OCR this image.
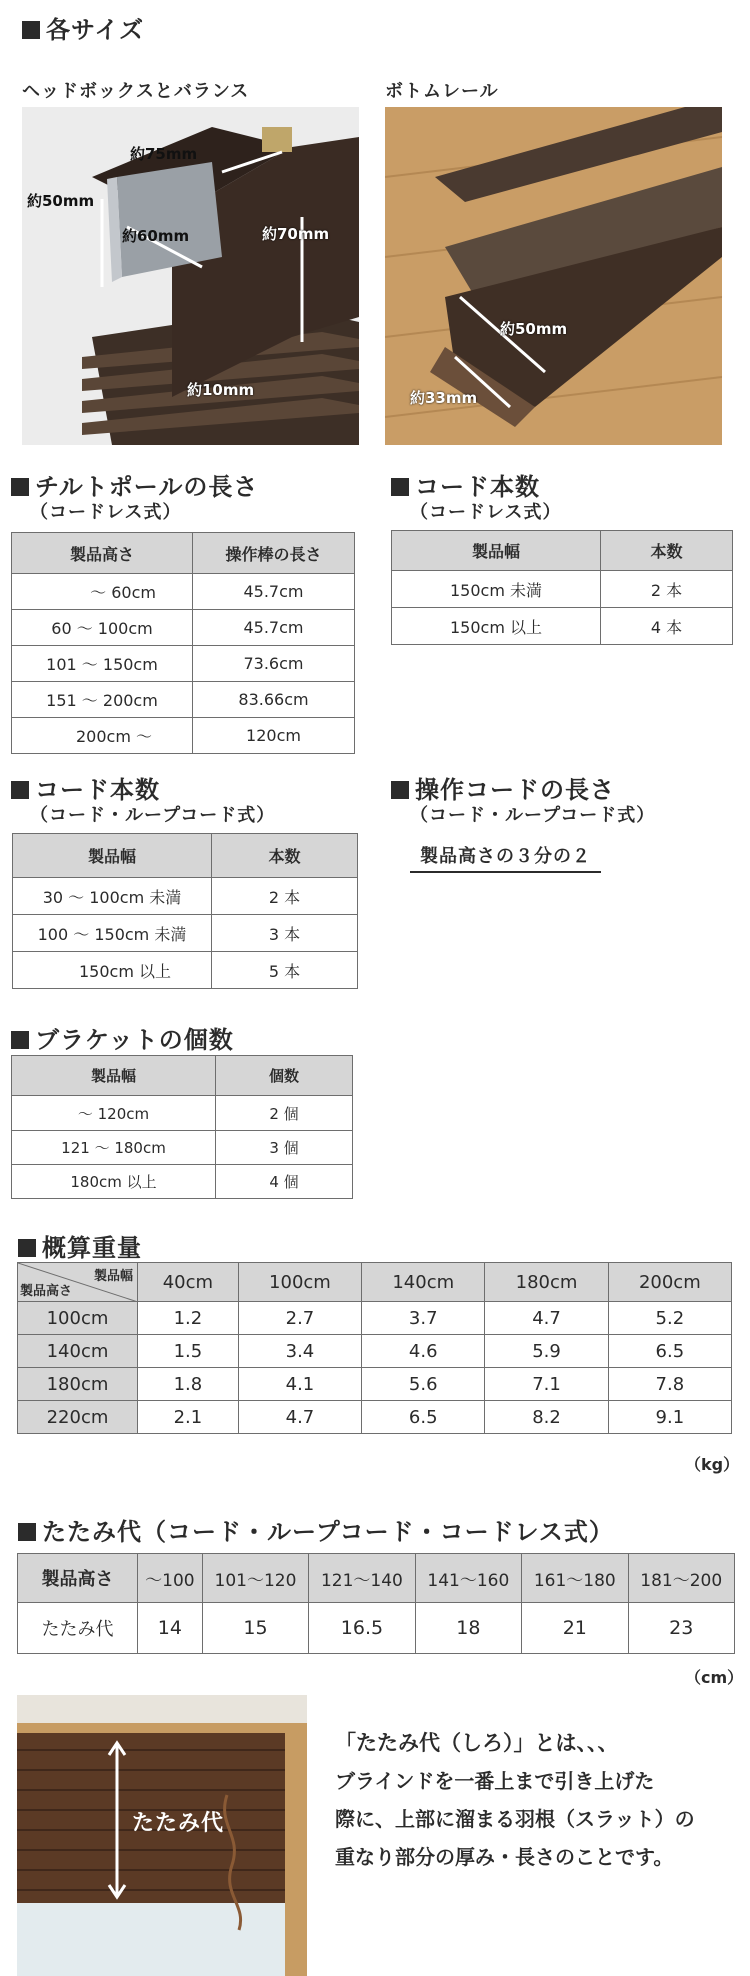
各サイズ
ヘッドボックスとバランス	ボトムレール
約75mm
約50mm
約60mm	約70mm
約10mm
約50mm
約33mm
チルトポールの長さ
（コードレス式）
製品高さ	操作棒の長さ
～ 60cm	45.7cm
60 ～ 100cm	45.7cm
101 ～ 150cm	73.6cm
151 ～ 200cm	83.66cm
200cm ～	120cm
コード本数
（コードレス式）
製品幅	本数
150cm 未満	2 本
150cm 以上	4 本
コード本数
（コード・ループコード式）
製品幅	本数
30 ～ 100cm 未満	2 本
100 ～ 150cm 未満	3 本
150cm 以上	5 本
操作コードの長さ
（コード・ループコード式）
製品高さの３分の２
ブラケットの個数
製品幅	個数
～ 120cm	2 個
121 ～ 180cm	3 個
180cm 以上	4 個
概算重量
製品幅
製品高さ	40cm	100cm	140cm	180cm	200cm
100cm	1.2	2.7	3.7	4.7	5.2
140cm	1.5	3.4	4.6	5.9	6.5
180cm	1.8	4.1	5.6	7.1	7.8
220cm	2.1	4.7	6.5	8.2	9.1
（kg）
たたみ代（コード・ループコード・コードレス式）
製品高さ	～100	101～120	121～140	141～160	161～180	181～200
たたみ代	14	15	16.5	18	21	23
（cm）
たたみ代
「たたみ代（しろ）」とは、、、
ブラインドを一番上まで引き上げた
際に、上部に溜まる羽根（スラット）の
重なり部分の厚み・長さのことです。
